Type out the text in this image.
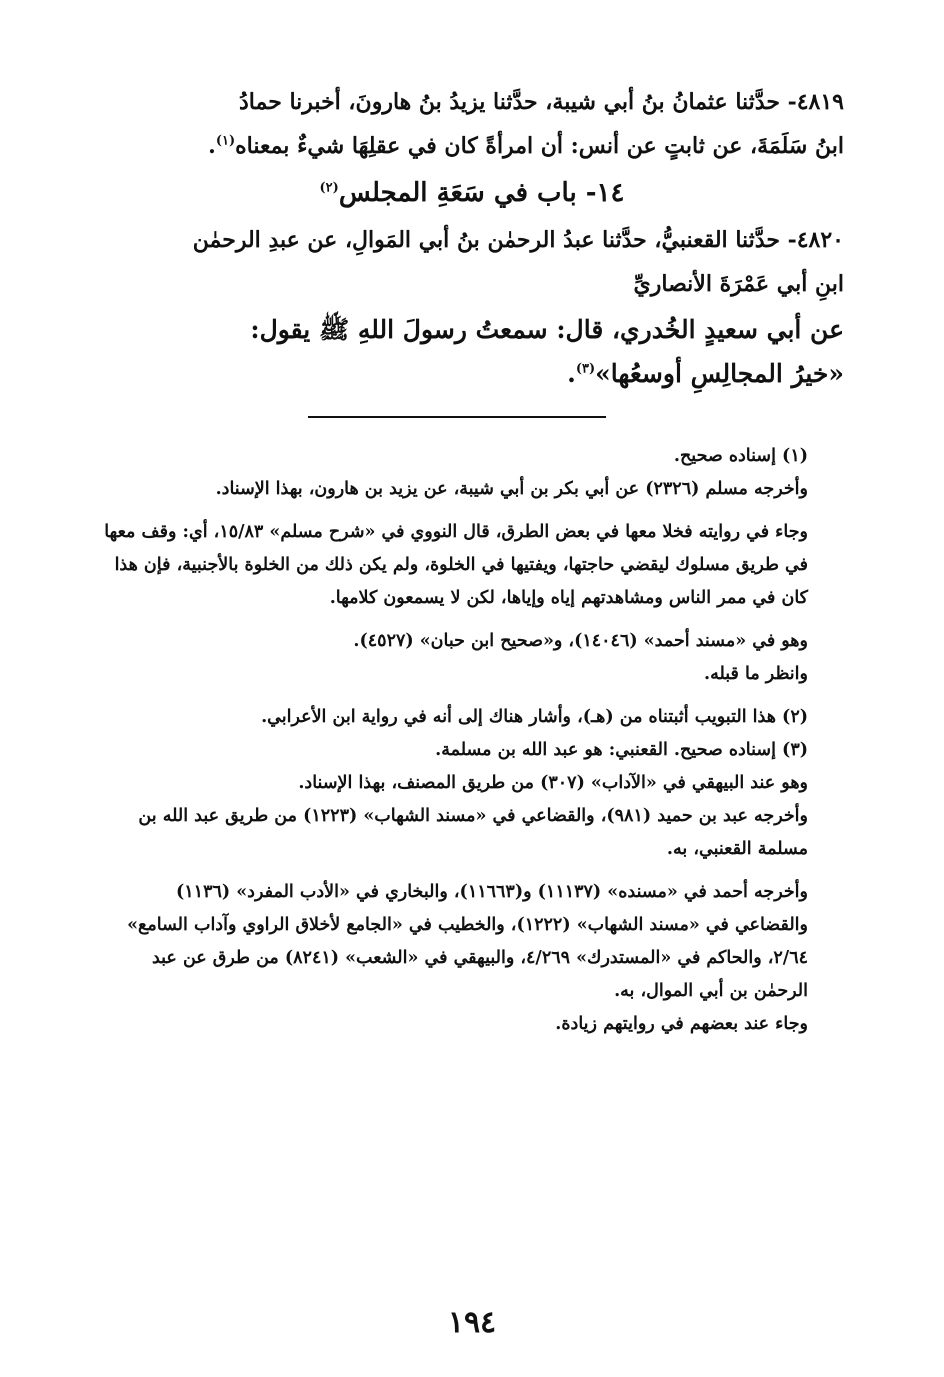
٤٨١٩- حدَّثنا عثمانُ بنُ أبي شيبة، حدَّثنا يزيدُ بنُ هارونَ، أخبرنا حمادُ
ابنُ سَلَمَةَ، عن ثابتٍ عن أنس: أن امرأةً كان في عقلِهَا شيءٌ بمعناه$^{(١)}$.

١٤- باب في سَعَةِ المجلس$^{(٢)}$

٤٨٢٠- حدَّثنا القعنبيُّ، حدَّثنا عبدُ الرحمٰن بنُ أبي المَوالِ، عن عبدِ الرحمٰن
ابنِ أبي عَمْرَةَ الأنصاريِّ

عن أبي سعيدٍ الخُدري، قال: سمعتُ رسولَ اللهِ ﷺ يقول:
«خيرُ المجالِسِ أوسعُها»$^{(٣)}$.

(١) إسناده صحيح.

وأخرجه مسلم (٢٣٢٦) عن أبي بكر بن أبي شيبة، عن يزيد بن هارون، بهذا الإسناد.

وجاء في روايته فخلا معها في بعض الطرق، قال النووي في «شرح مسلم» ١٥/٨٣، أي: وقف معها في طريق مسلوك ليقضي حاجتها، ويفتيها في الخلوة، ولم يكن ذلك من الخلوة بالأجنبية، فإن هذا كان في ممر الناس ومشاهدتهم إياه وإياها، لكن لا يسمعون كلامها.

وهو في «مسند أحمد» (١٤٠٤٦)، و«صحيح ابن حبان» (٤٥٢٧).

وانظر ما قبله.

(٢) هذا التبويب أثبتناه من (هـ)، وأشار هناك إلى أنه في رواية ابن الأعرابي.

(٣) إسناده صحيح. القعنبي: هو عبد الله بن مسلمة.

وهو عند البيهقي في «الآداب» (٣٠٧) من طريق المصنف، بهذا الإسناد.

وأخرجه عبد بن حميد (٩٨١)، والقضاعي في «مسند الشهاب» (١٢٢٣) من طريق عبد الله بن مسلمة القعنبي، به.

وأخرجه أحمد في «مسنده» (١١١٣٧) و(١١٦٦٣)، والبخاري في «الأدب المفرد» (١١٣٦) والقضاعي في «مسند الشهاب» (١٢٢٢)، والخطيب في «الجامع لأخلاق الراوي وآداب السامع» ٢/٦٤، والحاكم في «المستدرك» ٤/٢٦٩، والبيهقي في «الشعب» (٨٢٤١) من طرق عن عبد الرحمٰن بن أبي الموال، به.

وجاء عند بعضهم في روايتهم زيادة.

١٩٤
